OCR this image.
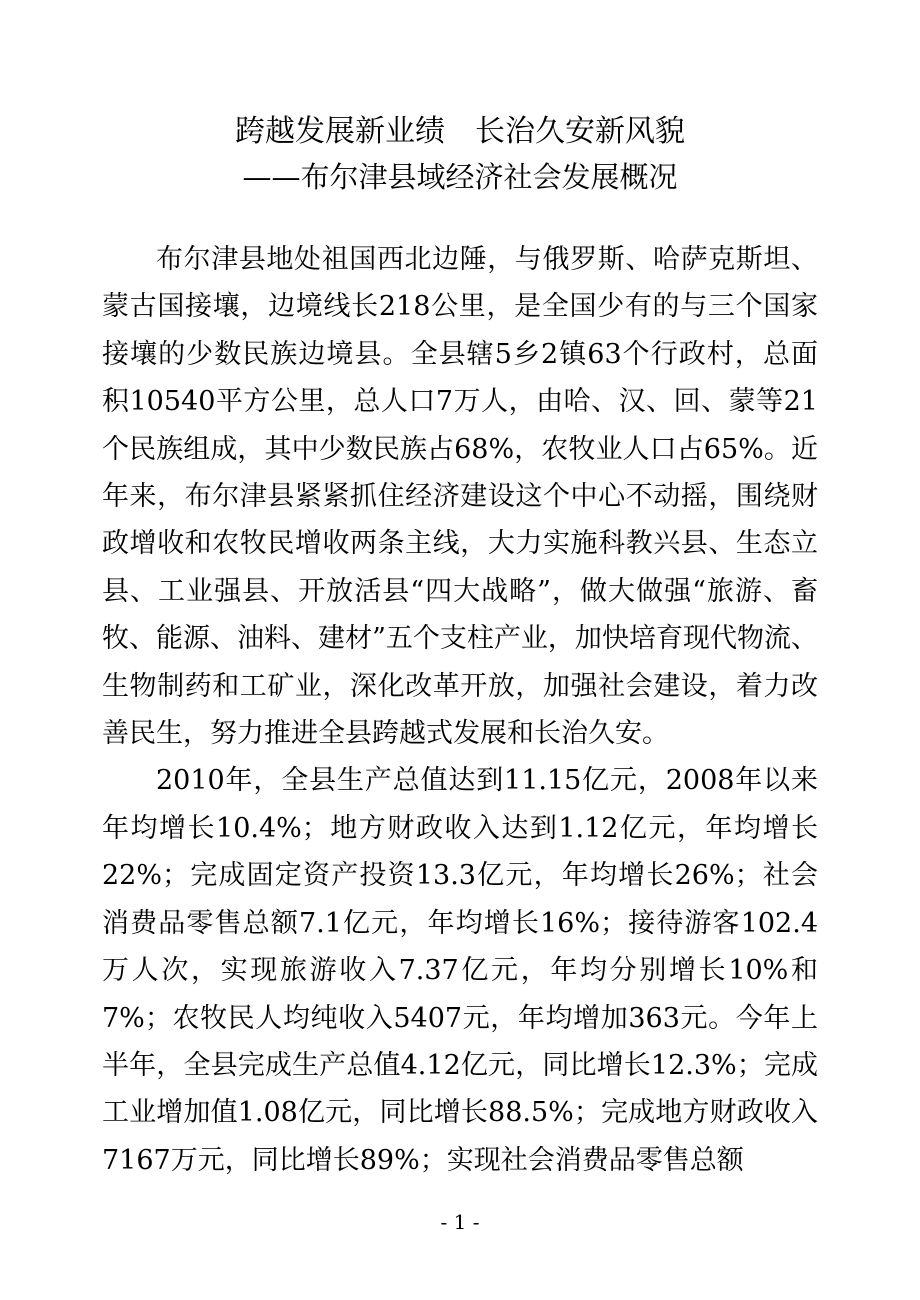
跨越发展新业绩　长治久安新风貌
——布尔津县域经济社会发展概况

布尔津县地处祖国西北边陲，与俄罗斯、哈萨克斯坦、蒙古国接壤，边境线长218公里，是全国少有的与三个国家接壤的少数民族边境县。全县辖5乡2镇63个行政村，总面积10540平方公里，总人口7万人，由哈、汉、回、蒙等21个民族组成，其中少数民族占68%，农牧业人口占65%。近年来，布尔津县紧紧抓住经济建设这个中心不动摇，围绕财政增收和农牧民增收两条主线，大力实施科教兴县、生态立县、工业强县、开放活县“四大战略”，做大做强“旅游、畜牧、能源、油料、建材”五个支柱产业，加快培育现代物流、生物制药和工矿业，深化改革开放，加强社会建设，着力改善民生，努力推进全县跨越式发展和长治久安。

2010年，全县生产总值达到11.15亿元，2008年以来年均增长10.4%；地方财政收入达到1.12亿元，年均增长22%；完成固定资产投资13.3亿元，年均增长26%；社会消费品零售总额7.1亿元，年均增长16%；接待游客102.4万人次，实现旅游收入7.37亿元，年均分别增长10%和7%；农牧民人均纯收入5407元，年均增加363元。今年上半年，全县完成生产总值4.12亿元，同比增长12.3%；完成工业增加值1.08亿元，同比增长88.5%；完成地方财政收入7167万元，同比增长89%；实现社会消费品零售总额

- 1 -
